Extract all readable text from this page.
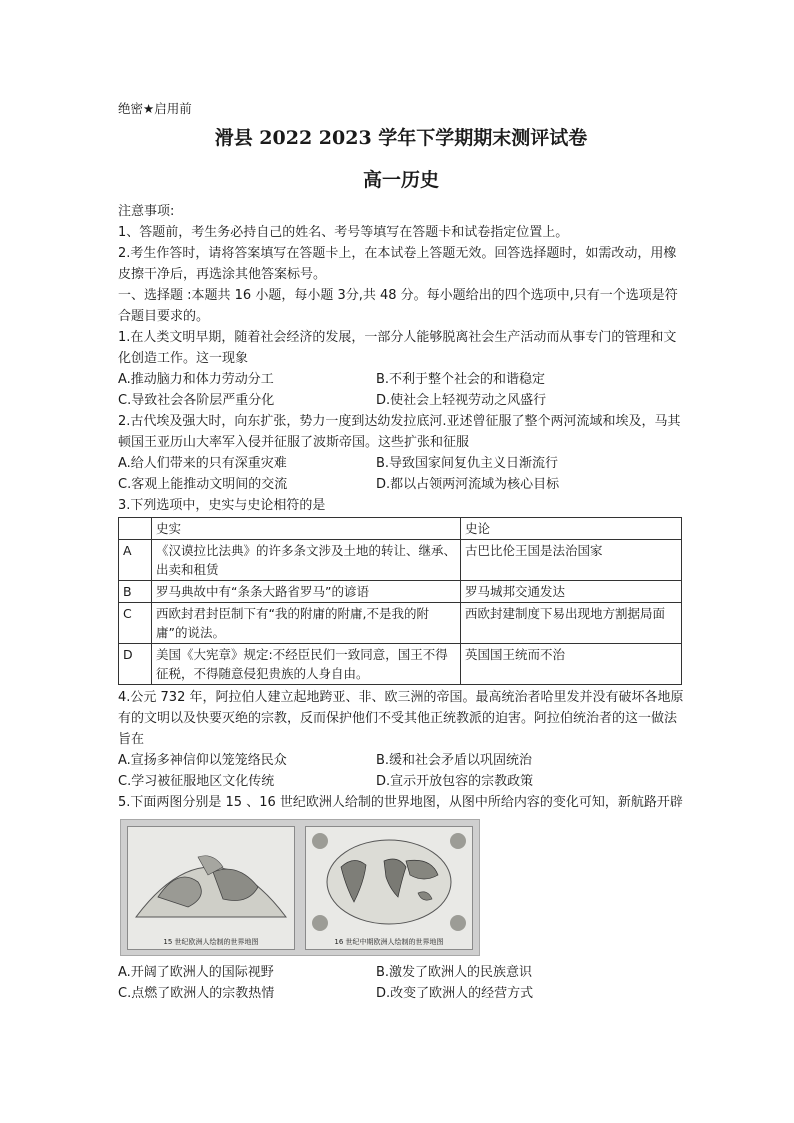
绝密★启用前
滑县 2022 2023 学年下学期期末测评试卷
高一历史
注意事项:
1、答题前，考生务必持自己的姓名、考号等填写在答题卡和试卷指定位置上。
2.考生作答时，请将答案填写在答题卡上，在本试卷上答题无效。回答选择题时，如需改动，用橡皮擦干净后，再选涂其他答案标号。
一、选择题 :本题共 16 小题，每小题 3分,共 48 分。每小题给出的四个选项中,只有一个选项是符合题目要求的。
1.在人类文明早期，随着社会经济的发展，一部分人能够脱离社会生产活动而从事专门的管理和文化创造工作。这一现象
A.推动脑力和体力劳动分工	B.不利于整个社会的和谐稳定
C.导致社会各阶层严重分化	D.使社会上轻视劳动之风盛行
2.古代埃及强大时，向东扩张，势力一度到达幼发拉底河.亚述曾征服了整个两河流域和埃及，马其顿国王亚历山大率军入侵并征服了波斯帝国。这些扩张和征服
A.给人们带来的只有深重灾难	B.导致国家间复仇主义日渐流行
C.客观上能推动文明间的交流	D.都以占领两河流域为核心目标
3.下列选项中，史实与史论相符的是
	史实	史论
A	《汉谟拉比法典》的许多条文涉及土地的转让、继承、出卖和租赁	古巴比伦王国是法治国家
B	罗马典故中有“条条大路省罗马”的谚语	罗马城邦交通发达
C	西欧封君封臣制下有“我的附庸的附庸,不是我的附庸”的说法。	西欧封建制度下易出现地方割据局面
D	美国《大宪章》规定:不经臣民们一致同意，国王不得征税，不得随意侵犯贵族的人身自由。	英国国王统而不治
4.公元 732 年，阿拉伯人建立起地跨亚、非、欧三洲的帝国。最高统治者哈里发并没有破坏各地原有的文明以及快要灭绝的宗教，反而保护他们不受其他正统教派的迫害。阿拉伯统治者的这一做法旨在
A.宣扬多神信仰以笼笼络民众	B.缓和社会矛盾以巩固统治
C.学习被征服地区文化传统	D.宣示开放包容的宗教政策
5.下面两图分别是 15 、16 世纪欧洲人给制的世界地图，从图中所给内容的变化可知，新航路开辟
15 世纪欧洲人绘制的世界地图	16 世纪中期欧洲人绘制的世界地图
A.开阔了欧洲人的国际视野	B.激发了欧洲人的民族意识
C.点燃了欧洲人的宗教热情	D.改变了欧洲人的经营方式
